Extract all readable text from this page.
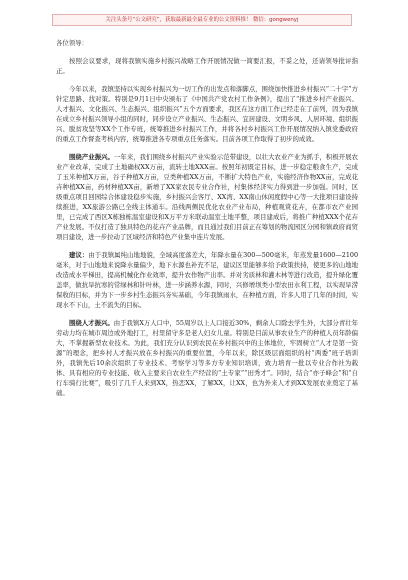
关注头条号“公文研究”，获取最新最全最专业的公文资料推！ 微信：gongwenyj

各位领导：

按照会议要求，现将我镇实施乡村振兴战略工作开展情况做一简要汇报，不妥之处，还请领导批评指正。

今年以来，我镇坚持以实现乡村振兴为一切工作的出发点和落脚点，围绕加快推进乡村振兴“二十字”方针定思路、找对策。特别是9月1日中央颁布了《中国共产党农村工作条例》，提出了“推进乡村产业振兴、人才振兴、文化振兴、生态振兴、组织振兴”五个方面要求，我区在这方面工作已经走在了前列，因为我镇在成立乡村振兴领导小组的同时，同步设立产业振兴、生态振兴、宜居建设、文明乡风、人居环境、组织振兴、脱贫攻坚等XX个工作专班，统筹推进乡村振兴工作，并将各村乡村振兴工作开展情况纳入镇党委政府的重点工作督查考核内容，统筹推进各专项重点任务落实。目前各项工作取得了初步的成效。

围绕产业振兴。一年来，我们围绕乡村振兴产业实验示范带建设，以壮大农业产业为抓手，积极开展农业产业改革，完成了土地确权XX万亩，流转土地XXX亩。按照年初既定目标，进一步稳定粮食生产，完成了玉米种植X万亩，谷子种植X万亩，豆类种植XX万亩，不断扩大特色产业，实施经济作物XX亩，完成花卉种植XX亩，药材种植XX亩，新增了XX家农民专业合作社，村集体经济实力得到进一步加强。同时，区级重点项目回园综合体建设稳步实施，乡村振兴会客厅、XX湾、XX南山休闲度假中心等一大批项目建设持续推进，XX旅游公路已全线主体通车。沿线两侧民优化农业产业布局，种植观赏花卉，在都市农产业园里，已完成了西区X栋独栋温室建设和X万平方米联动温室土地平整，项目建成后，将推广种植XXX个花卉产业发展。不仅打造了独具特色的花卉产业品牌，而且通过我们目前正在筹划的物流园区分园和镇政府商贸项目建设，进一步拉动了区域经济和特色产业集中连片发展。

建议：由于我镇属纯山地地貌，全域高度落差大，年降水量在300—500毫米，年蒸发量1600—2100毫米，对于山地地来说降水量偏少，地下水源也补充不足，建议区里能够多给予政策扶持，使更多的山地地改造成水平梯田，提高机械化作业效率，提升农作物产出率。并对劣质林和灌木林等进行改造，提升绿化覆盖率，做抗旱抗寒的常绿林和针叶林，进一步涵养水源，同时，兴修增坝类小型农田水利工程，以实现旱涝保收的目标，并为下一步乡村生态振兴夯实基础，今年我镇雨水，在种植方面，许多人用了几年的时间，实现水不下山，土不流失的目标。

围绕人才振兴。由于我镇X万人口中，55周岁以上人口接近30%，剩余人口除去学生外，大部分青壮年劳动力均在城市周边或外地打工，村里留守多是老人妇女儿童。特别是目前从事农业生产的种植人员年龄偏大，不掌握新型农业技术。为此，我们充分认识到农民在乡村振兴中的主体地位，牢固树立“人才是第一资源”的理念，把乡村人才振兴放在乡村振兴的重要位置，今年以来，除区级层面组织的村“两委”班子培训外，我镇先后10余次组织了专业技术、考察学习等多方专业知识培训，致力培育一批以专业合作社为载体、具有相应的专业技能、收入主要来自农业生产经营的“土专家”“田秀才”。同时，结合“亦子峰会”和“自行车骑行比赛”，吸引了几千人来到XX，热恋XX，了解XX，让XX，也为外来人才到XX发展农业奠定了基础。
